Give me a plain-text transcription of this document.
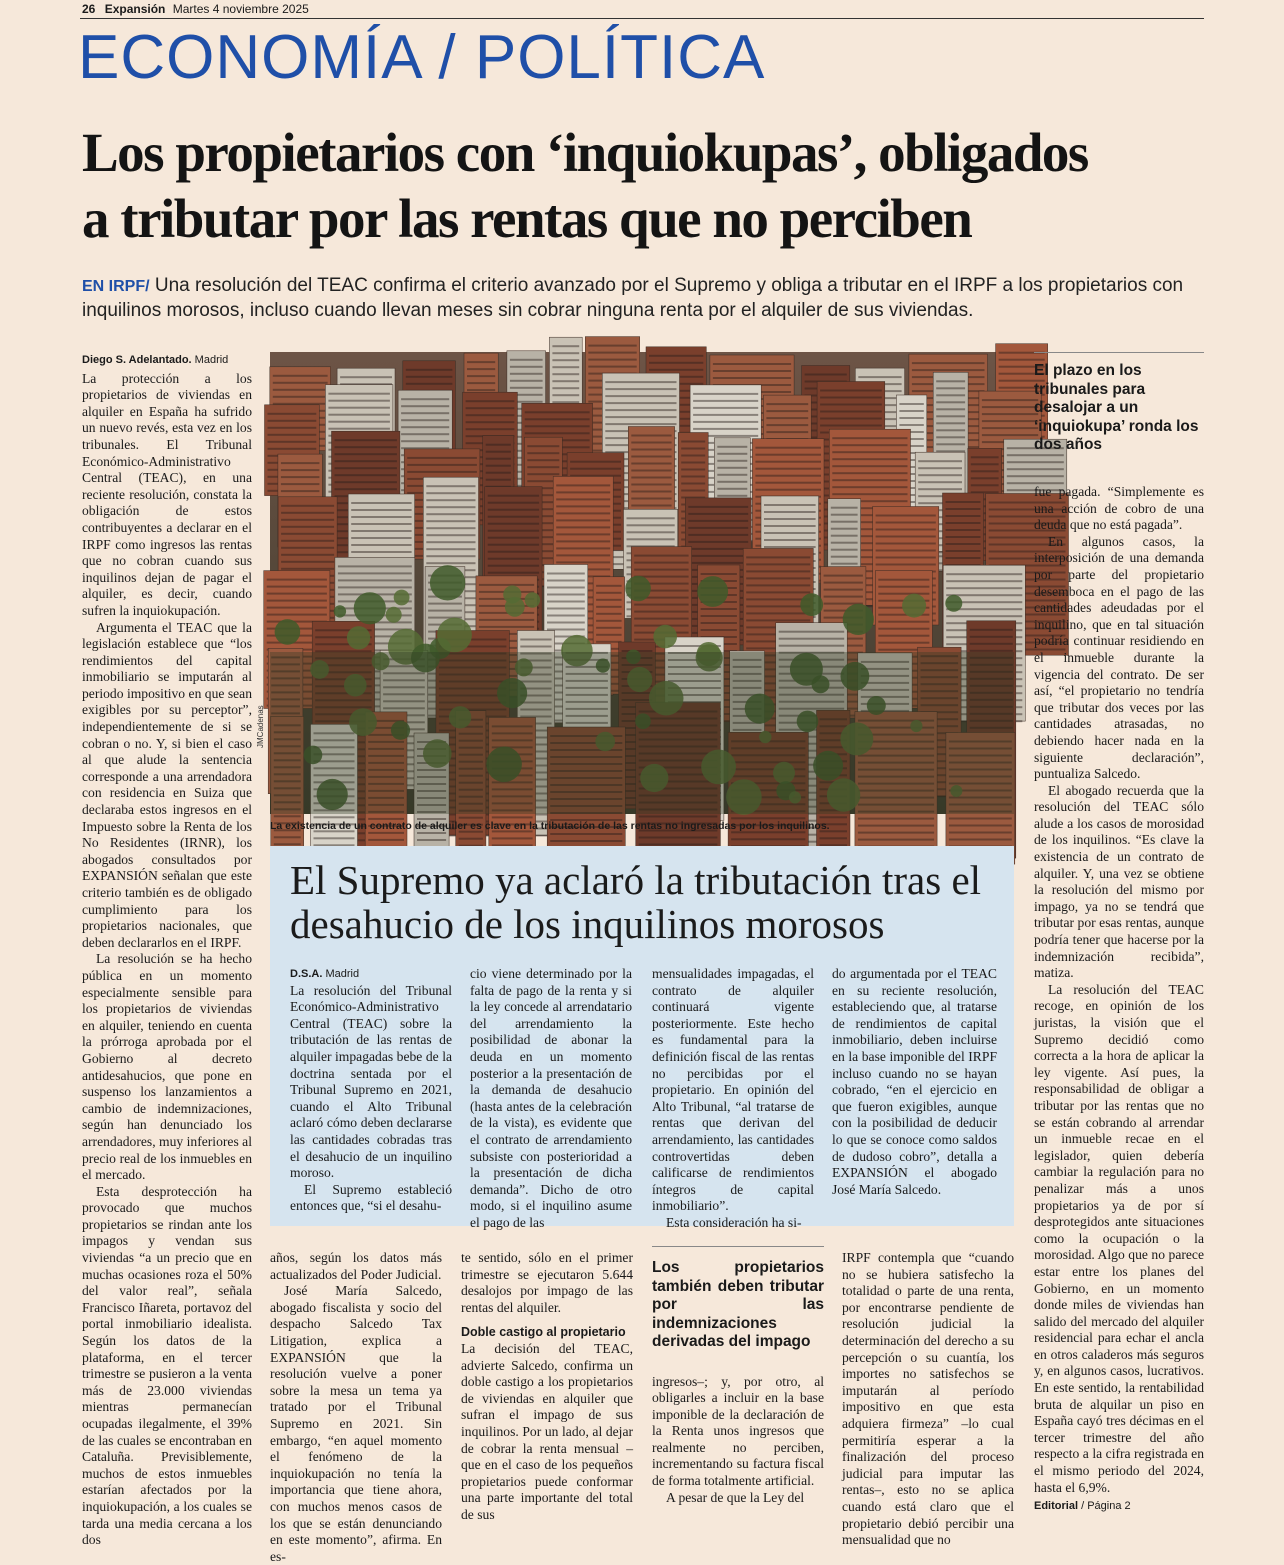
26 Expansión Martes 4 noviembre 2025
ECONOMÍA / POLÍTICA
Los propietarios con ‘inquiokupas’, obligados
a tributar por las rentas que no perciben
EN IRPF/ Una resolución del TEAC confirma el criterio avanzado por el Supremo y obliga a tributar en el IRPF a los propietarios con inquilinos morosos, incluso cuando llevan meses sin cobrar ninguna renta por el alquiler de sus viviendas.
Diego S. Adelantado. Madrid

La protección a los propietarios de viviendas en alquiler en España ha sufrido un nuevo revés, esta vez en los tribunales. El Tribunal Económico-Administrativo Central (TEAC), en una reciente resolución, constata la obligación de estos contribuyentes a declarar en el IRPF como ingresos las rentas que no cobran cuando sus inquilinos dejan de pagar el alquiler, es decir, cuando sufren la inquiokupación.

Argumenta el TEAC que la legislación establece que “los rendimientos del capital inmobiliario se imputarán al periodo impositivo en que sean exigibles por su perceptor”, independientemente de si se cobran o no. Y, si bien el caso al que alude la sentencia corresponde a una arrendadora con residencia en Suiza que declaraba estos ingresos en el Impuesto sobre la Renta de los No Residentes (IRNR), los abogados consultados por EXPANSIÓN señalan que este criterio también es de obligado cumplimiento para los propietarios nacionales, que deben declararlos en el IRPF.

La resolución se ha hecho pública en un momento especialmente sensible para los propietarios de viviendas en alquiler, teniendo en cuenta la prórroga aprobada por el Gobierno al decreto antidesahucios, que pone en suspenso los lanzamientos a cambio de indemnizaciones, según han denunciado los arrendadores, muy inferiores al precio real de los inmuebles en el mercado.

Esta desprotección ha provocado que muchos propietarios se rindan ante los impagos y vendan sus viviendas “a un precio que en muchas ocasiones roza el 50% del valor real”, señala Francisco Iñareta, portavoz del portal inmobiliario idealista. Según los datos de la plataforma, en el tercer trimestre se pusieron a la venta más de 23.000 viviendas mientras permanecían ocupadas ilegalmente, el 39% de las cuales se encontraban en Cataluña. Previsiblemente, muchos de estos inmuebles estarían afectados por la inquiokupación, a los cuales se tarda una media cercana a los dos

JMCadenas
La existencia de un contrato de alquiler es clave en la tributación de las rentas no ingresadas por los inquilinos.
El Supremo ya aclaró la tributación tras el desahucio de los inquilinos morosos
D.S.A. Madrid

La resolución del Tribunal Económico-Administrativo Central (TEAC) sobre la tributación de las rentas de alquiler impagadas bebe de la doctrina sentada por el Tribunal Supremo en 2021, cuando el Alto Tribunal aclaró cómo deben declararse las cantidades cobradas tras el desahucio de un inquilino moroso.

El Supremo estableció entonces que, “si el desahu-

cio viene determinado por la falta de pago de la renta y si la ley concede al arrendatario del arrendamiento la posibilidad de abonar la deuda en un momento posterior a la presentación de la demanda de desahucio (hasta antes de la celebración de la vista), es evidente que el contrato de arrendamiento subsiste con posterioridad a la presentación de dicha demanda”. Dicho de otro modo, si el inquilino asume el pago de las

mensualidades impagadas, el contrato de alquiler continuará vigente posteriormente. Este hecho es fundamental para la definición fiscal de las rentas no percibidas por el propietario. En opinión del Alto Tribunal, “al tratarse de rentas que derivan del arrendamiento, las cantidades controvertidas deben calificarse de rendimientos íntegros de capital inmobiliario”.

Esta consideración ha si-

do argumentada por el TEAC en su reciente resolución, estableciendo que, al tratarse de rendimientos de capital inmobiliario, deben incluirse en la base imponible del IRPF incluso cuando no se hayan cobrado, “en el ejercicio en que fueron exigibles, aunque con la posibilidad de deducir lo que se conoce como saldos de dudoso cobro”, detalla a EXPANSIÓN el abogado José María Salcedo.

años, según los datos más actualizados del Poder Judicial.

José María Salcedo, abogado fiscalista y socio del despacho Salcedo Tax Litigation, explica a EXPANSIÓN que la resolución vuelve a poner sobre la mesa un tema ya tratado por el Tribunal Supremo en 2021. Sin embargo, “en aquel momento el fenómeno de la inquiokupación no tenía la importancia que tiene ahora, con muchos menos casos de los que se están denunciando en este momento”, afirma. En es-

te sentido, sólo en el primer trimestre se ejecutaron 5.644 desalojos por impago de las rentas del alquiler.

Doble castigo al propietario

La decisión del TEAC, advierte Salcedo, confirma un doble castigo a los propietarios de viviendas en alquiler que sufran el impago de sus inquilinos. Por un lado, al dejar de cobrar la renta mensual –que en el caso de los pequeños propietarios puede conformar una parte importante del total de sus

Los propietarios también deben tributar por las indemnizaciones derivadas del impago

ingresos–; y, por otro, al obligarles a incluir en la base imponible de la declaración de la Renta unos ingresos que realmente no perciben, incrementando su factura fiscal de forma totalmente artificial.

A pesar de que la Ley del

IRPF contempla que “cuando no se hubiera satisfecho la totalidad o parte de una renta, por encontrarse pendiente de resolución judicial la determinación del derecho a su percepción o su cuantía, los importes no satisfechos se imputarán al período impositivo en que esta adquiera firmeza” –lo cual permitiría esperar a la finalización del proceso judicial para imputar las rentas–, esto no se aplica cuando está claro que el propietario debió percibir una mensualidad que no

El plazo en los tribunales para desalojar a un ‘inquiokupa’ ronda los dos años

fue pagada. “Simplemente es una acción de cobro de una deuda que no está pagada”.

En algunos casos, la interposición de una demanda por parte del propietario desemboca en el pago de las cantidades adeudadas por el inquilino, que en tal situación podría continuar residiendo en el inmueble durante la vigencia del contrato. De ser así, “el propietario no tendría que tributar dos veces por las cantidades atrasadas, no debiendo hacer nada en la siguiente declaración”, puntualiza Salcedo.

El abogado recuerda que la resolución del TEAC sólo alude a los casos de morosidad de los inquilinos. “Es clave la existencia de un contrato de alquiler. Y, una vez se obtiene la resolución del mismo por impago, ya no se tendrá que tributar por esas rentas, aunque podría tener que hacerse por la indemnización recibida”, matiza.

La resolución del TEAC recoge, en opinión de los juristas, la visión que el Supremo decidió como correcta a la hora de aplicar la ley vigente. Así pues, la responsabilidad de obligar a tributar por las rentas que no se están cobrando al arrendar un inmueble recae en el legislador, quien debería cambiar la regulación para no penalizar más a unos propietarios ya de por sí desprotegidos ante situaciones como la ocupación o la morosidad. Algo que no parece estar entre los planes del Gobierno, en un momento donde miles de viviendas han salido del mercado del alquiler residencial para echar el ancla en otros caladeros más seguros y, en algunos casos, lucrativos. En este sentido, la rentabilidad bruta de alquilar un piso en España cayó tres décimas en el tercer trimestre del año respecto a la cifra registrada en el mismo periodo del 2024, hasta el 6,9%.

Editorial / Página 2
